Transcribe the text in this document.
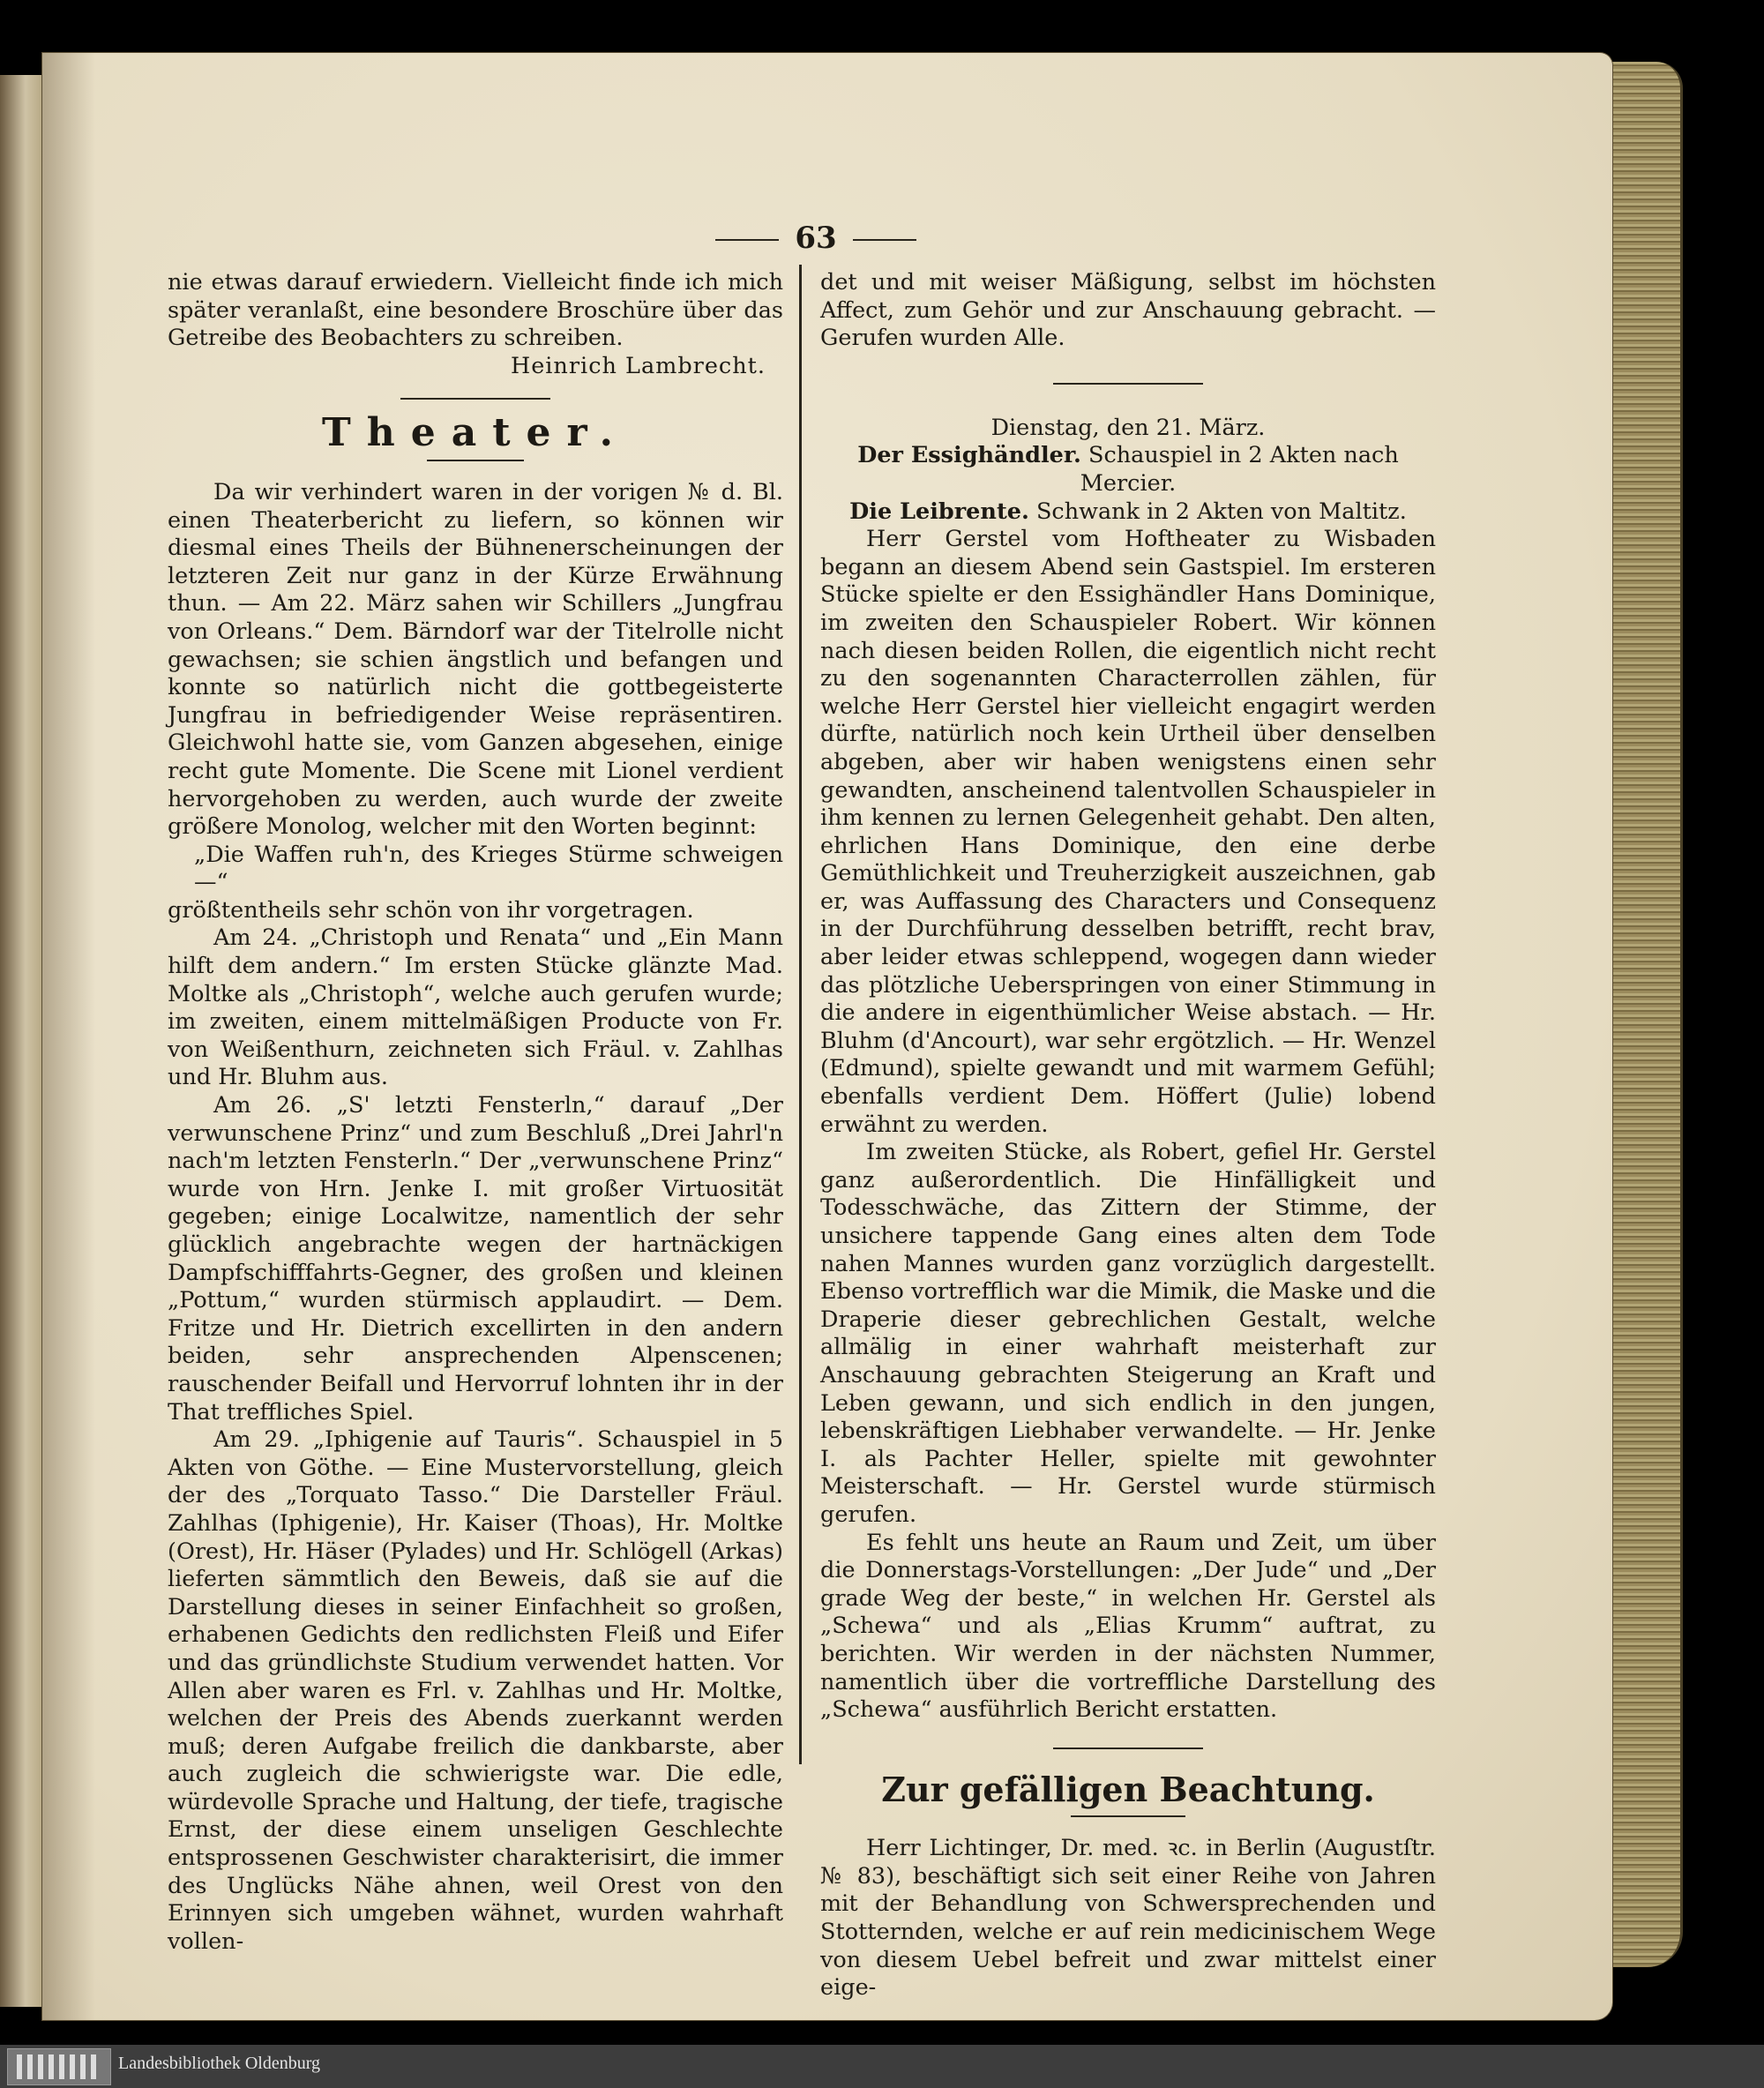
63

nie etwas darauf erwiedern. Vielleicht finde ich mich später veranlaßt, eine besondere Broschüre über das Getreibe des Beobachters zu schreiben.

Heinrich Lambrecht.

Theater.

Da wir verhindert waren in der vorigen № d. Bl. einen Theaterbericht zu liefern, so können wir diesmal eines Theils der Bühnenerscheinungen der letzteren Zeit nur ganz in der Kürze Erwähnung thun. — Am 22. März sahen wir Schillers „Jungfrau von Orleans.“ Dem. Bärndorf war der Titelrolle nicht gewachsen; sie schien ängstlich und befangen und konnte so natürlich nicht die gottbegeisterte Jungfrau in befriedigender Weise repräsentiren. Gleichwohl hatte sie, vom Ganzen abgesehen, einige recht gute Momente. Die Scene mit Lionel verdient hervorgehoben zu werden, auch wurde der zweite größere Monolog, welcher mit den Worten beginnt:

„Die Waffen ruh'n, des Krieges Stürme schweigen—“

größtentheils sehr schön von ihr vorgetragen.

Am 24. „Christoph und Renata“ und „Ein Mann hilft dem andern.“ Im ersten Stücke glänzte Mad. Moltke als „Christoph“, welche auch gerufen wurde; im zweiten, einem mittelmäßigen Producte von Fr. von Weißenthurn, zeichneten sich Fräul. v. Zahlhas und Hr. Bluhm aus.

Am 26. „S' letzti Fensterln,“ darauf „Der verwunschene Prinz“ und zum Beschluß „Drei Jahrl'n nach'm letzten Fensterln.“ Der „verwunschene Prinz“ wurde von Hrn. Jenke I. mit großer Virtuosität gegeben; einige Localwitze, namentlich der sehr glücklich angebrachte wegen der hartnäckigen Dampfschifffahrts-Gegner, des großen und kleinen „Pottum,“ wurden stürmisch applaudirt. — Dem. Fritze und Hr. Dietrich excellirten in den andern beiden, sehr ansprechenden Alpenscenen; rauschender Beifall und Hervorruf lohnten ihr in der That treffliches Spiel.

Am 29. „Iphigenie auf Tauris“. Schauspiel in 5 Akten von Göthe. — Eine Mustervorstellung, gleich der des „Torquato Tasso.“ Die Darsteller Fräul. Zahlhas (Iphigenie), Hr. Kaiser (Thoas), Hr. Moltke (Orest), Hr. Häser (Pylades) und Hr. Schlögell (Arkas) lieferten sämmtlich den Beweis, daß sie auf die Darstellung dieses in seiner Einfachheit so großen, erhabenen Gedichts den redlichsten Fleiß und Eifer und das gründlichste Studium verwendet hatten. Vor Allen aber waren es Frl. v. Zahlhas und Hr. Moltke, welchen der Preis des Abends zuerkannt werden muß; deren Aufgabe freilich die dankbarste, aber auch zugleich die schwierigste war. Die edle, würdevolle Sprache und Haltung, der tiefe, tragische Ernst, der diese einem unseligen Geschlechte entsprossenen Geschwister charakterisirt, die immer des Unglücks Nähe ahnen, weil Orest von den Erinnyen sich umgeben wähnet, wurden wahrhaft vollen-

det und mit weiser Mäßigung, selbst im höchsten Affect, zum Gehör und zur Anschauung gebracht. — Gerufen wurden Alle.

Dienstag, den 21. März.

Der Essighändler. Schauspiel in 2 Akten nach Mercier.

Die Leibrente. Schwank in 2 Akten von Maltitz.

Herr Gerstel vom Hoftheater zu Wisbaden begann an diesem Abend sein Gastspiel. Im ersteren Stücke spielte er den Essighändler Hans Dominique, im zweiten den Schauspieler Robert. Wir können nach diesen beiden Rollen, die eigentlich nicht recht zu den sogenannten Characterrollen zählen, für welche Herr Gerstel hier vielleicht engagirt werden dürfte, natürlich noch kein Urtheil über denselben abgeben, aber wir haben wenigstens einen sehr gewandten, anscheinend talentvollen Schauspieler in ihm kennen zu lernen Gelegenheit gehabt. Den alten, ehrlichen Hans Dominique, den eine derbe Gemüthlichkeit und Treuherzigkeit auszeichnen, gab er, was Auffassung des Characters und Consequenz in der Durchführung desselben betrifft, recht brav, aber leider etwas schleppend, wogegen dann wieder das plötzliche Ueberspringen von einer Stimmung in die andere in eigenthümlicher Weise abstach. — Hr. Bluhm (d'Ancourt), war sehr ergötzlich. — Hr. Wenzel (Edmund), spielte gewandt und mit warmem Gefühl; ebenfalls verdient Dem. Höffert (Julie) lobend erwähnt zu werden.

Im zweiten Stücke, als Robert, gefiel Hr. Gerstel ganz außerordentlich. Die Hinfälligkeit und Todesschwäche, das Zittern der Stimme, der unsichere tappende Gang eines alten dem Tode nahen Mannes wurden ganz vorzüglich dargestellt. Ebenso vortrefflich war die Mimik, die Maske und die Draperie dieser gebrechlichen Gestalt, welche allmälig in einer wahrhaft meisterhaft zur Anschauung gebrachten Steigerung an Kraft und Leben gewann, und sich endlich in den jungen, lebenskräftigen Liebhaber verwandelte. — Hr. Jenke I. als Pachter Heller, spielte mit gewohnter Meisterschaft. — Hr. Gerstel wurde stürmisch gerufen.

Es fehlt uns heute an Raum und Zeit, um über die Donnerstags-Vorstellungen: „Der Jude“ und „Der grade Weg der beste,“ in welchen Hr. Gerstel als „Schewa“ und als „Elias Krumm“ auftrat, zu berichten. Wir werden in der nächsten Nummer, namentlich über die vortreffliche Darstellung des „Schewa“ ausführlich Bericht erstatten.

Zur gefälligen Beachtung.

Herr Lichtinger, Dr. med. ꝛc. in Berlin (Augustſtr. № 83), beschäftigt sich seit einer Reihe von Jahren mit der Behandlung von Schwersprechenden und Stotternden, welche er auf rein medicinischem Wege von diesem Uebel befreit und zwar mittelst einer eige-

Landesbibliothek Oldenburg
